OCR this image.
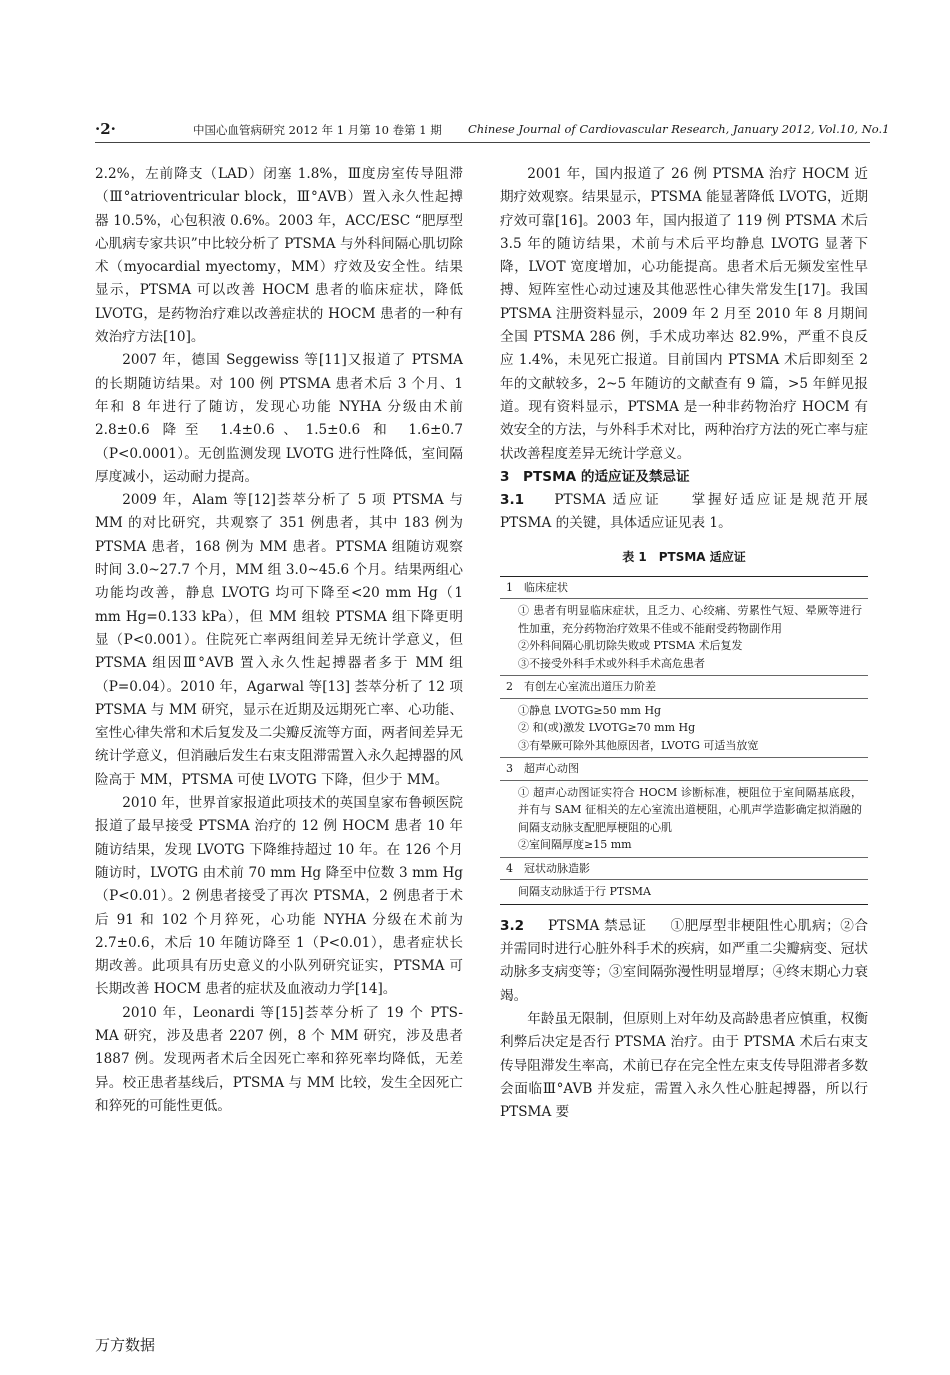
·2·	中国心血管病研究 2012 年 1 月第 10 卷第 1 期 Chinese Journal of Cardiovascular Research, January 2012, Vol.10, No.1

2.2%，左前降支（LAD）闭塞 1.8%，Ⅲ度房室传导阻滞（Ⅲ°atrioventricular block，Ⅲ°AVB）置入永久性起搏器 10.5%，心包积液 0.6%。2003 年，ACC/ESC “肥厚型心肌病专家共识”中比较分析了 PTSMA 与外科间隔心肌切除术（myocardial myectomy，MM）疗效及安全性。结果显示，PTSMA 可以改善 HOCM 患者的临床症状，降低 LVOTG，是药物治疗难以改善症状的 HOCM 患者的一种有效治疗方法[10]。

2007 年，德国 Seggewiss 等[11]又报道了 PTSMA 的长期随访结果。对 100 例 PTSMA 患者术后 3 个月、1 年和 8 年进行了随访，发现心功能 NYHA 分级由术前 2.8±0.6 降至 1.4±0.6、1.5±0.6 和 1.6±0.7（P<0.0001）。无创监测发现 LVOTG 进行性降低，室间隔厚度减小，运动耐力提高。

2009 年，Alam 等[12]荟萃分析了 5 项 PTSMA 与 MM 的对比研究，共观察了 351 例患者，其中 183 例为 PTSMA 患者，168 例为 MM 患者。PTSMA 组随访观察时间 3.0~27.7 个月，MM 组 3.0~45.6 个月。结果两组心功能均改善，静息 LVOTG 均可下降至<20 mm Hg（1 mm Hg=0.133 kPa），但 MM 组较 PTSMA 组下降更明显（P<0.001）。住院死亡率两组间差异无统计学意义，但 PTSMA 组因Ⅲ°AVB 置入永久性起搏器者多于 MM 组（P=0.04）。2010 年，Agarwal 等[13] 荟萃分析了 12 项 PTSMA 与 MM 研究，显示在近期及远期死亡率、心功能、室性心律失常和术后复发及二尖瓣反流等方面，两者间差异无统计学意义，但消融后发生右束支阻滞需置入永久起搏器的风险高于 MM，PTSMA 可使 LVOTG 下降，但少于 MM。

2010 年，世界首家报道此项技术的英国皇家布鲁顿医院报道了最早接受 PTSMA 治疗的 12 例 HOCM 患者 10 年随访结果，发现 LVOTG 下降维持超过 10 年。在 126 个月随访时，LVOTG 由术前 70 mm Hg 降至中位数 3 mm Hg（P<0.01）。2 例患者接受了再次 PTSMA，2 例患者于术后 91 和 102 个月猝死，心功能 NYHA 分级在术前为 2.7±0.6，术后 10 年随访降至 1（P<0.01），患者症状长期改善。此项具有历史意义的小队列研究证实，PTSMA 可长期改善 HOCM 患者的症状及血液动力学[14]。

2010 年，Leonardi 等[15]荟萃分析了 19 个 PTS-MA 研究，涉及患者 2207 例，8 个 MM 研究，涉及患者 1887 例。发现两者术后全因死亡率和猝死率均降低，无差异。校正患者基线后，PTSMA 与 MM 比较，发生全因死亡和猝死的可能性更低。

2001 年，国内报道了 26 例 PTSMA 治疗 HOCM 近期疗效观察。结果显示，PTSMA 能显著降低 LVOTG，近期疗效可靠[16]。2003 年，国内报道了 119 例 PTSMA 术后 3.5 年的随访结果，术前与术后平均静息 LVOTG 显著下降，LVOT 宽度增加，心功能提高。患者术后无频发室性早搏、短阵室性心动过速及其他恶性心律失常发生[17]。我国 PTSMA 注册资料显示，2009 年 2 月至 2010 年 8 月期间全国 PTSMA 286 例，手术成功率达 82.9%，严重不良反应 1.4%，未见死亡报道。目前国内 PTSMA 术后即刻至 2 年的文献较多，2~5 年随访的文献查有 9 篇，>5 年鲜见报道。现有资料显示，PTSMA 是一种非药物治疗 HOCM 有效安全的方法，与外科手术对比，两种治疗方法的死亡率与症状改善程度差异无统计学意义。

3　PTSMA 的适应证及禁忌证

3.1 　 PTSMA 适应证 　 掌握好适应证是规范开展 PTSMA 的关键，具体适应证见表 1。

表 1　PTSMA 适应证
1　临床症状
① 患者有明显临床症状，且乏力、心绞痛、劳累性气短、晕厥等进行性加重，充分药物治疗效果不佳或不能耐受药物副作用
②外科间隔心肌切除失败或 PTSMA 术后复发
③不接受外科手术或外科手术高危患者
2　有创左心室流出道压力阶差
①静息 LVOTG≥50 mm Hg
② 和(或)激发 LVOTG≥70 mm Hg
③有晕厥可除外其他原因者，LVOTG 可适当放宽
3　超声心动图
① 超声心动图证实符合 HOCM 诊断标准，梗阻位于室间隔基底段，并有与 SAM 征相关的左心室流出道梗阻，心肌声学造影确定拟消融的间隔支动脉支配肥厚梗阻的心肌
②室间隔厚度≥15 mm
4　冠状动脉造影
间隔支动脉适于行 PTSMA

3.2 　 PTSMA 禁忌证 　 ①肥厚型非梗阻性心肌病；②合并需同时进行心脏外科手术的疾病，如严重二尖瓣病变、冠状动脉多支病变等；③室间隔弥漫性明显增厚；④终末期心力衰竭。

年龄虽无限制，但原则上对年幼及高龄患者应慎重，权衡利弊后决定是否行 PTSMA 治疗。由于 PTSMA 术后右束支传导阻滞发生率高，术前已存在完全性左束支传导阻滞者多数会面临Ⅲ°AVB 并发症，需置入永久性心脏起搏器，所以行 PTSMA 要

万方数据
